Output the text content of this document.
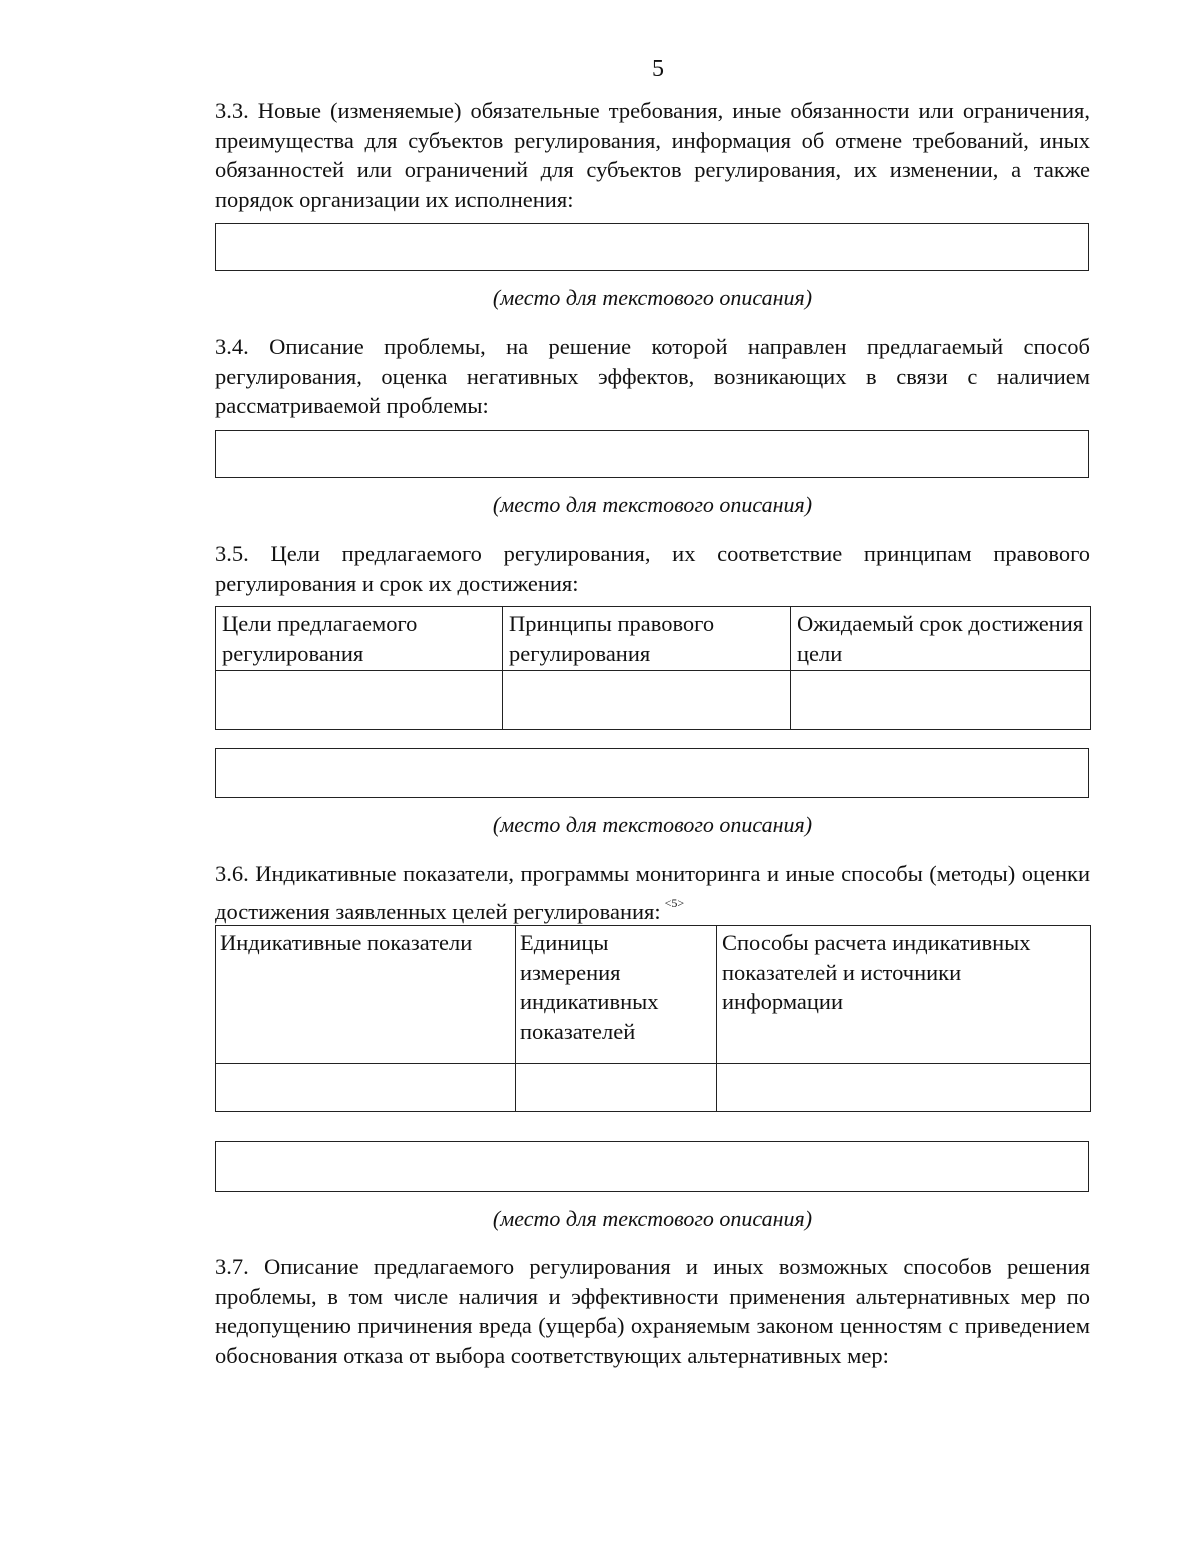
5

3.3. Новые (изменяемые) обязательные требования, иные обязанности или ограничения, преимущества для субъектов регулирования, информация об отмене требований, иных обязанностей или ограничений для субъектов регулирования, их изменении, а также порядок организации их исполнения:

(место для текстового описания)

3.4. Описание проблемы, на решение которой направлен предлагаемый способ регулирования, оценка негативных эффектов, возникающих в связи с наличием рассматриваемой проблемы:

(место для текстового описания)

3.5. Цели предлагаемого регулирования, их соответствие принципам правового регулирования и срок их достижения:

Цели предлагаемого регулирования	Принципы правового регулирования	Ожидаемый срок достижения цели

(место для текстового описания)

3.6. Индикативные показатели, программы мониторинга и иные способы (методы) оценки достижения заявленных целей регулирования: $^{<5>}$

Индикативные показатели	Единицы измерения индикативных показателей	Способы расчета индикативных показателей и источники информации

(место для текстового описания)

3.7. Описание предлагаемого регулирования и иных возможных способов решения проблемы, в том числе наличия и эффективности применения альтернативных мер по недопущению причинения вреда (ущерба) охраняемым законом ценностям с приведением обоснования отказа от выбора соответствующих альтернативных мер:
